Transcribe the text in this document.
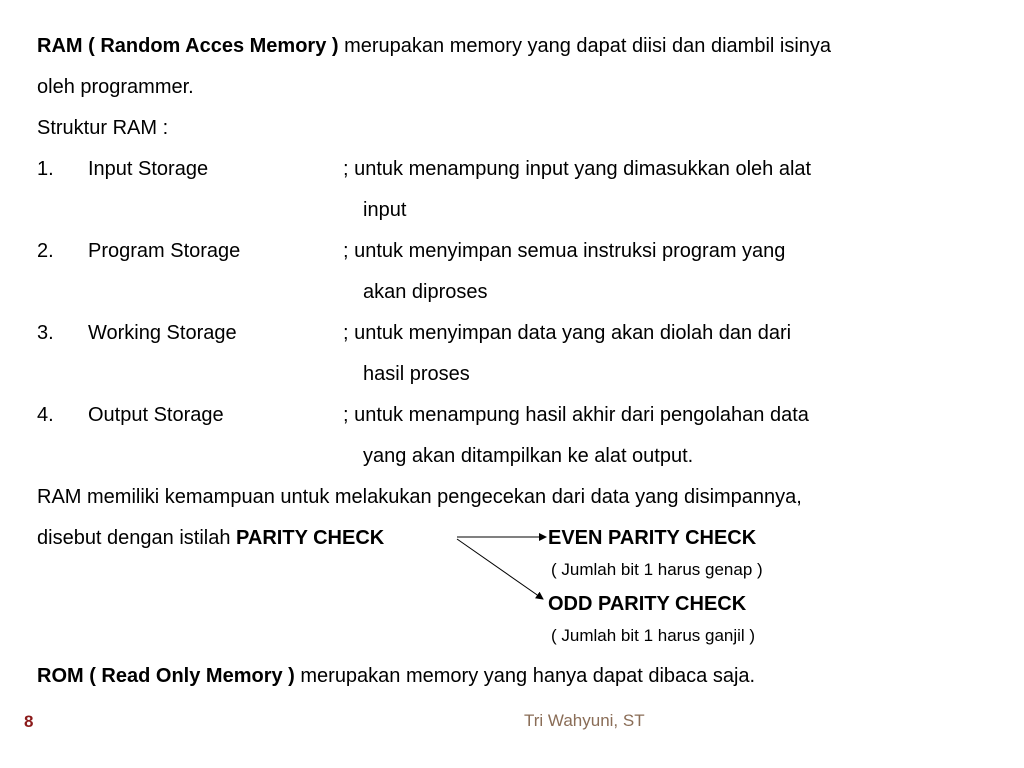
RAM ( Random Acces Memory ) merupakan memory yang dapat diisi dan diambil isinya
oleh programmer.
Struktur RAM :
1. Input Storage	; untuk menampung input yang dimasukkan oleh alat
input
2. Program Storage	; untuk menyimpan semua instruksi program yang
akan diproses
3. Working Storage	; untuk menyimpan data yang akan diolah dan dari
hasil proses
4. Output Storage	; untuk menampung hasil akhir dari pengolahan data
yang akan ditampilkan ke alat output.
RAM memiliki kemampuan untuk melakukan pengecekan dari data yang disimpannya,
disebut dengan istilah PARITY CHECK	EVEN PARITY CHECK
( Jumlah bit 1 harus genap )
ODD PARITY CHECK
( Jumlah bit 1 harus ganjil )
ROM ( Read Only Memory ) merupakan memory yang hanya dapat dibaca saja.
8	Tri Wahyuni, ST
